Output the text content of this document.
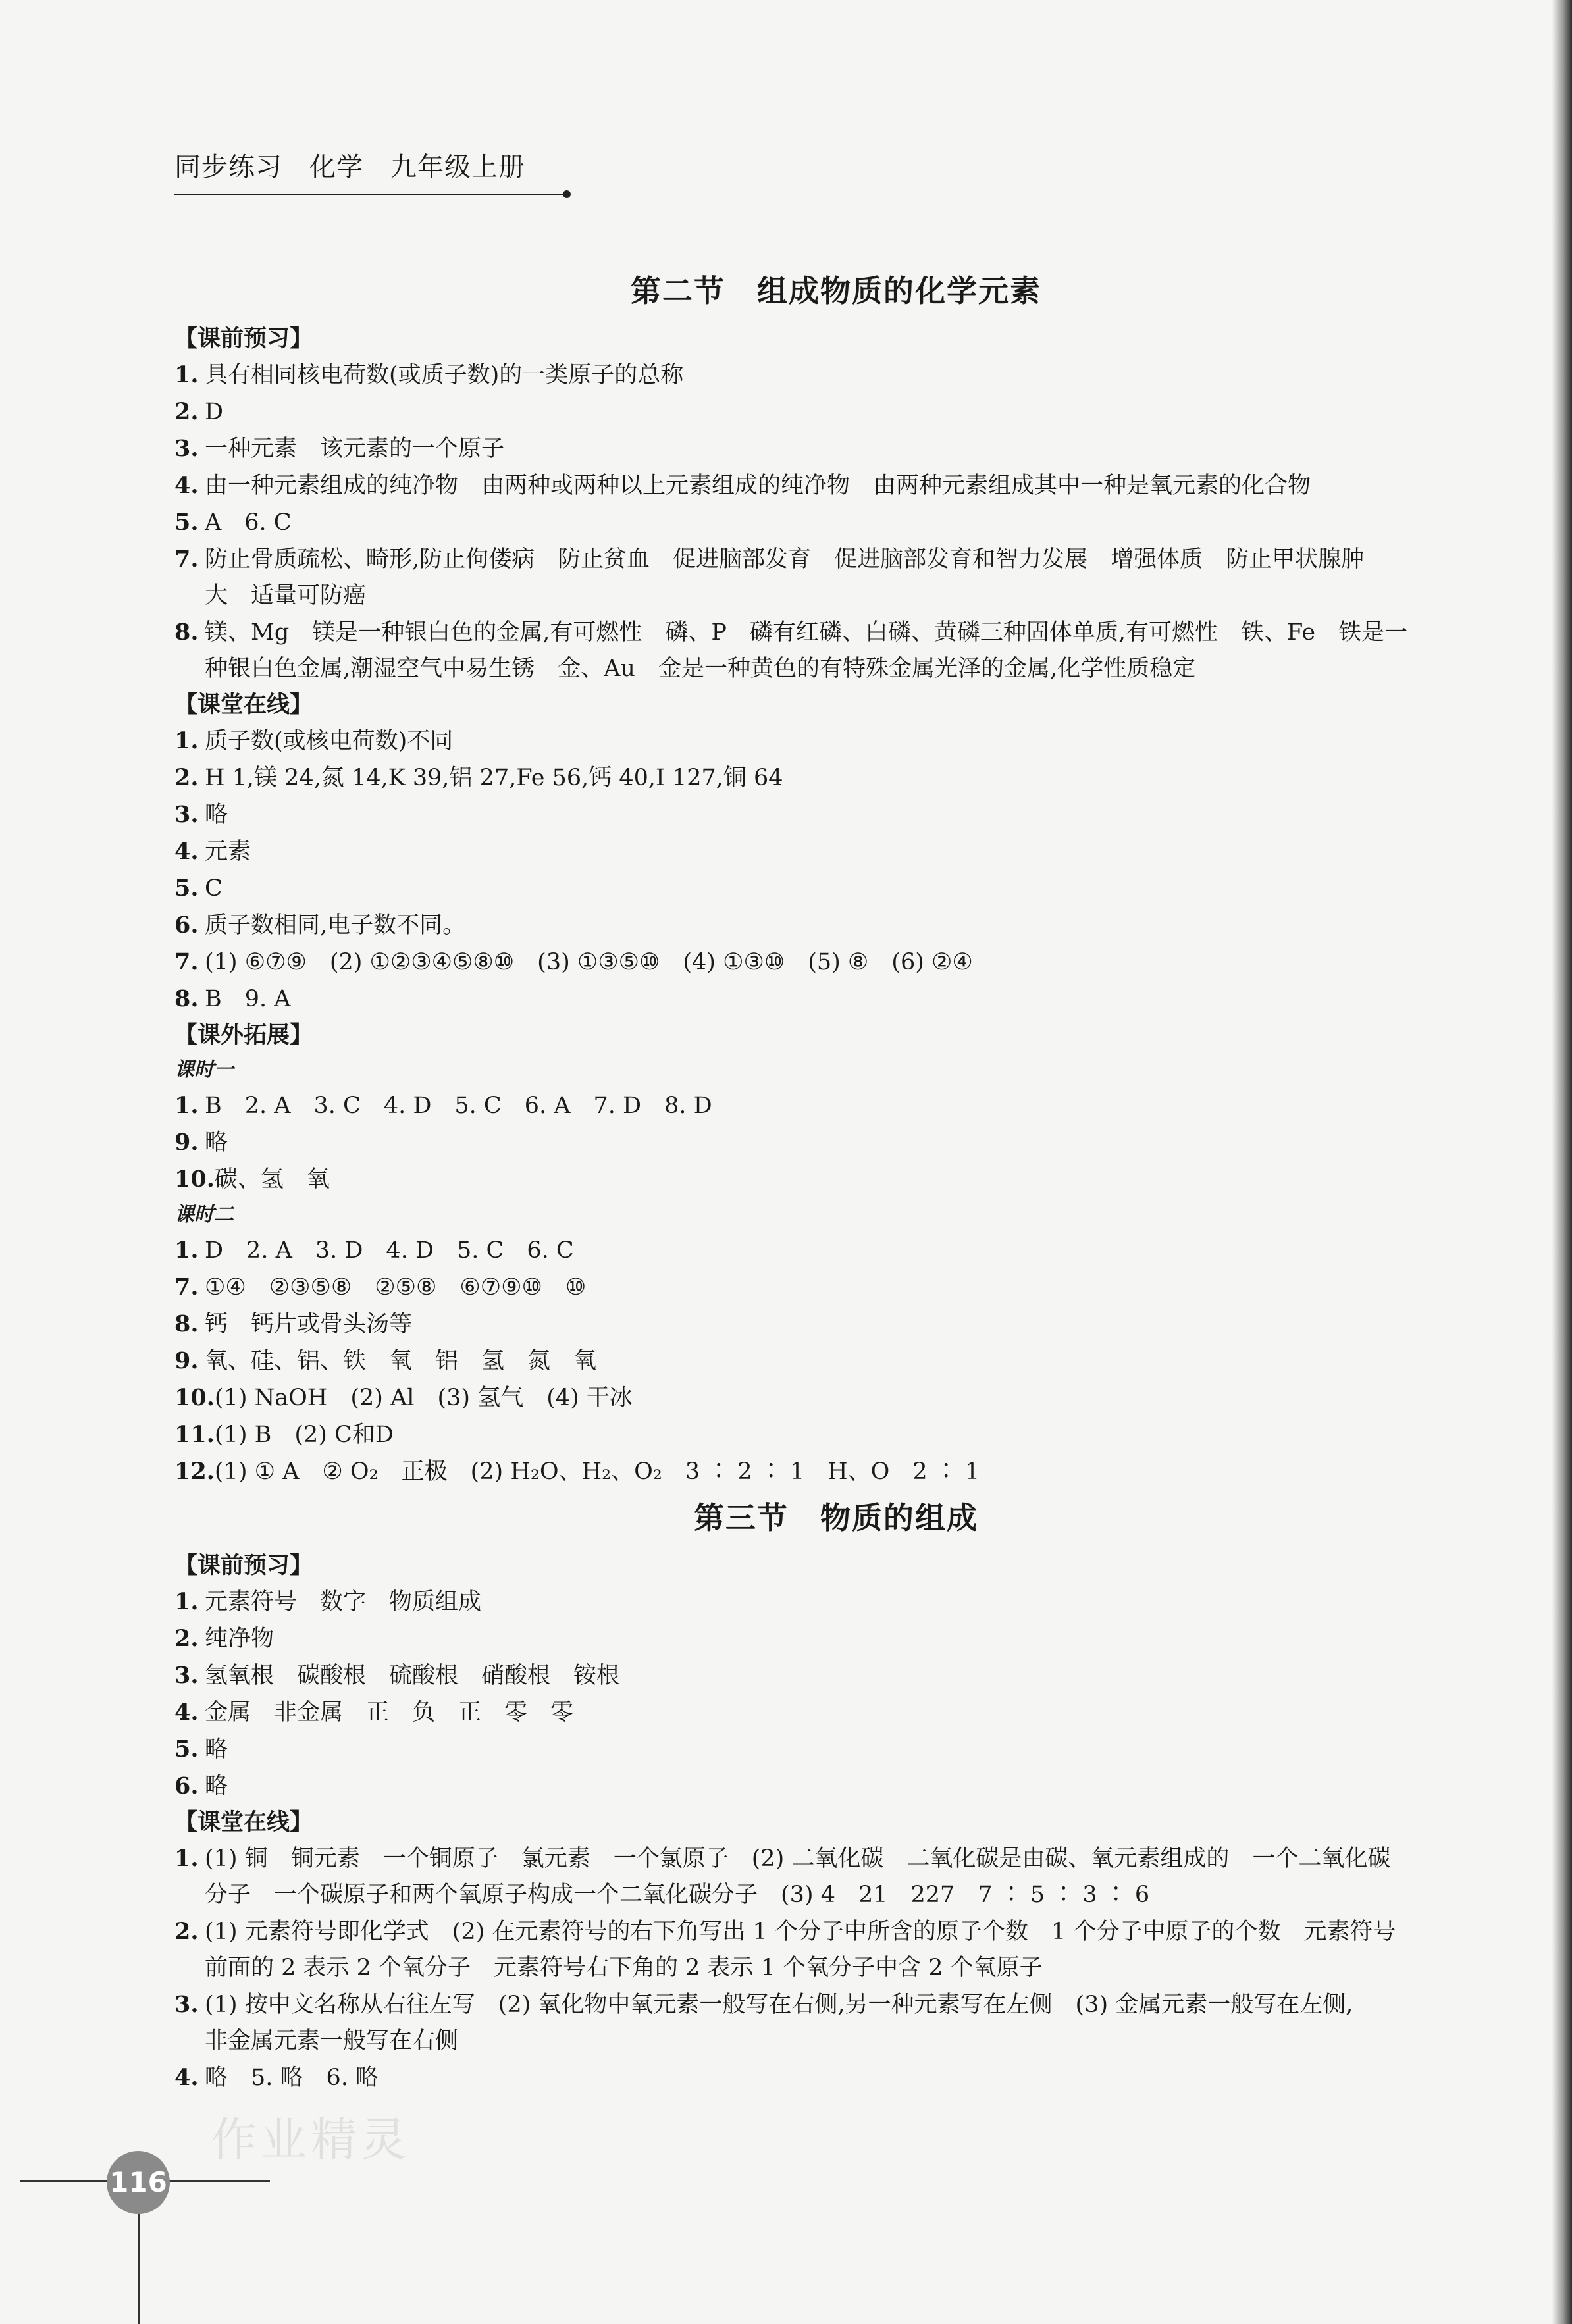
同步练习　化学　九年级上册
作业精灵
第二节　组成物质的化学元素
【课前预习】
1. 具有相同核电荷数(或质子数)的一类原子的总称
2. D
3. 一种元素　该元素的一个原子
4. 由一种元素组成的纯净物　由两种或两种以上元素组成的纯净物　由两种元素组成其中一种是氧元素的化合物
5. A　6. C
7. 防止骨质疏松、畸形,防止佝偻病　防止贫血　促进脑部发育　促进脑部发育和智力发展　增强体质　防止甲状腺肿
大　适量可防癌
8. 镁、Mg　镁是一种银白色的金属,有可燃性　磷、P　磷有红磷、白磷、黄磷三种固体单质,有可燃性　铁、Fe　铁是一
种银白色金属,潮湿空气中易生锈　金、Au　金是一种黄色的有特殊金属光泽的金属,化学性质稳定
【课堂在线】
1. 质子数(或核电荷数)不同
2. H 1,镁 24,氮 14,K 39,铝 27,Fe 56,钙 40,I 127,铜 64
3. 略
4. 元素
5. C
6. 质子数相同,电子数不同。
7. (1) ⑥⑦⑨　(2) ①②③④⑤⑧⑩　(3) ①③⑤⑩　(4) ①③⑩　(5) ⑧　(6) ②④
8. B　9. A
【课外拓展】
课时一
1. B　2. A　3. C　4. D　5. C　6. A　7. D　8. D
9. 略
10.碳、氢　氧
课时二
1. D　2. A　3. D　4. D　5. C　6. C
7. ①④　②③⑤⑧　②⑤⑧　⑥⑦⑨⑩　⑩
8. 钙　钙片或骨头汤等
9. 氧、硅、铝、铁　氧　铝　氢　氮　氧
10.(1) NaOH　(2) Al　(3) 氢气　(4) 干冰
11.(1) B　(2) C和D
12.(1) ① A　② O₂　正极　(2) H₂O、H₂、O₂　3 ∶ 2 ∶ 1　H、O　2 ∶ 1
第三节　物质的组成
【课前预习】
1. 元素符号　数字　物质组成
2. 纯净物
3. 氢氧根　碳酸根　硫酸根　硝酸根　铵根
4. 金属　非金属　正　负　正　零　零
5. 略
6. 略
【课堂在线】
1. (1) 铜　铜元素　一个铜原子　氯元素　一个氯原子　(2) 二氧化碳　二氧化碳是由碳、氧元素组成的　一个二氧化碳
分子　一个碳原子和两个氧原子构成一个二氧化碳分子　(3) 4　21　227　7 ∶ 5 ∶ 3 ∶ 6
2. (1) 元素符号即化学式　(2) 在元素符号的右下角写出 1 个分子中所含的原子个数　1 个分子中原子的个数　元素符号
前面的 2 表示 2 个氧分子　元素符号右下角的 2 表示 1 个氧分子中含 2 个氧原子
3. (1) 按中文名称从右往左写　(2) 氧化物中氧元素一般写在右侧,另一种元素写在左侧　(3) 金属元素一般写在左侧,
非金属元素一般写在右侧
4. 略　5. 略　6. 略
116
